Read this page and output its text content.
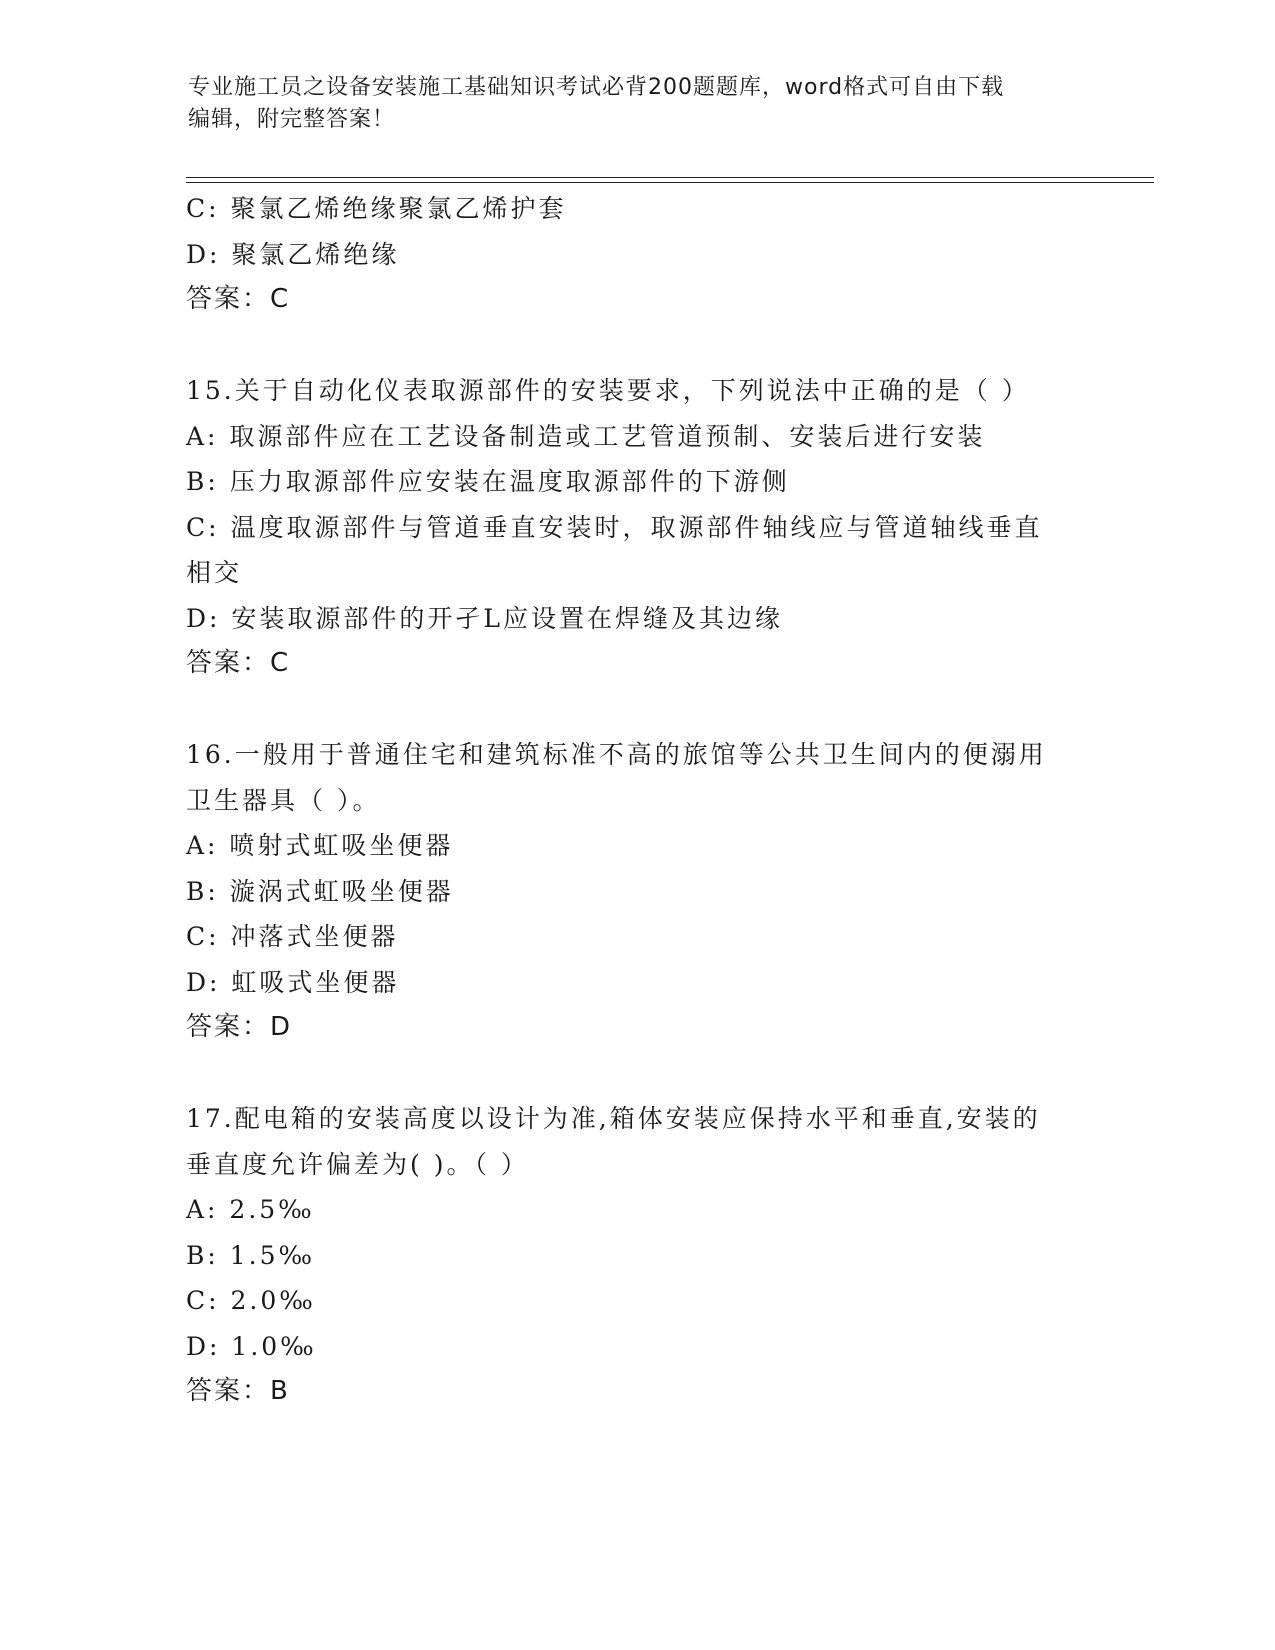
专业施工员之设备安装施工基础知识考试必背200题题库，word格式可自由下载
编辑，附完整答案！
C: 聚氯乙烯绝缘聚氯乙烯护套
D: 聚氯乙烯绝缘
答案：C
15.关于自动化仪表取源部件的安装要求，下列说法中正确的是（ ）
A: 取源部件应在工艺设备制造或工艺管道预制、安装后进行安装
B: 压力取源部件应安装在温度取源部件的下游侧
C: 温度取源部件与管道垂直安装时，取源部件轴线应与管道轴线垂直
相交
D: 安装取源部件的开孑L应设置在焊缝及其边缘
答案：C
16.一般用于普通住宅和建筑标准不高的旅馆等公共卫生间内的便溺用
卫生器具（ ）。
A: 喷射式虹吸坐便器
B: 漩涡式虹吸坐便器
C: 冲落式坐便器
D: 虹吸式坐便器
答案：D
17.配电箱的安装高度以设计为准,箱体安装应保持水平和垂直,安装的
垂直度允许偏差为( )。（ ）
A: 2.5‰
B: 1.5‰
C: 2.0‰
D: 1.0‰
答案：B
